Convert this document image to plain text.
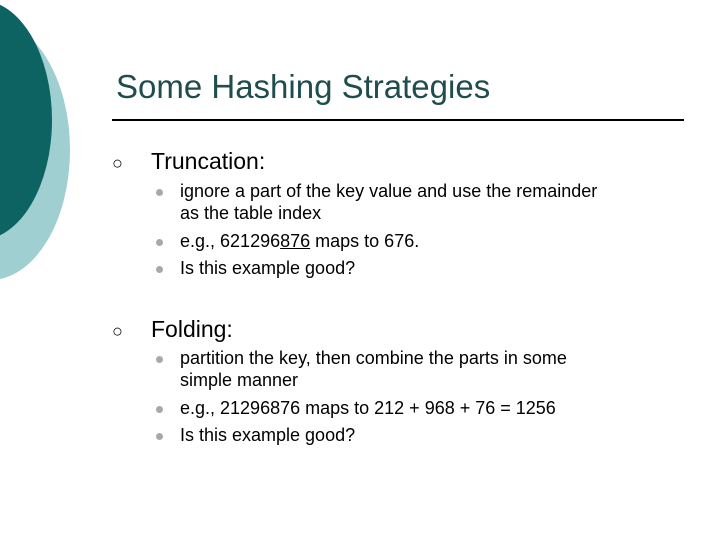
Some Hashing Strategies
○	Truncation:
ignore a part of the key value and use the remainder
as the table index
e.g., 621296876 maps to 676.
Is this example good?
○	Folding:
partition the key, then combine the parts in some
simple manner
e.g., 21296876 maps to 212 + 968 + 76 = 1256
Is this example good?
